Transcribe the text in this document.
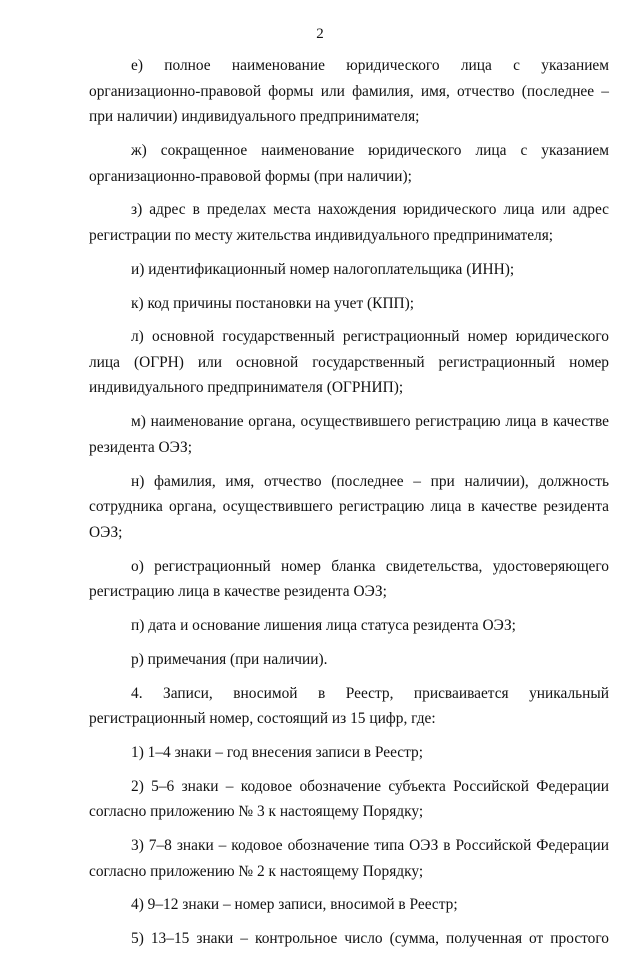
2

е) полное наименование юридического лица с указанием организационно-правовой формы или фамилия, имя, отчество (последнее – при наличии) индивидуального предпринимателя;

ж) сокращенное наименование юридического лица с указанием организационно-правовой формы (при наличии);

з) адрес в пределах места нахождения юридического лица или адрес регистрации по месту жительства индивидуального предпринимателя;

и) идентификационный номер налогоплательщика (ИНН);

к) код причины постановки на учет (КПП);

л) основной государственный регистрационный номер юридического лица (ОГРН) или основной государственный регистрационный номер индивидуального предпринимателя (ОГРНИП);

м) наименование органа, осуществившего регистрацию лица в качестве резидента ОЭЗ;

н) фамилия, имя, отчество (последнее – при наличии), должность сотрудника органа, осуществившего регистрацию лица в качестве резидента ОЭЗ;

о) регистрационный номер бланка свидетельства, удостоверяющего регистрацию лица в качестве резидента ОЭЗ;

п) дата и основание лишения лица статуса резидента ОЭЗ;

р) примечания (при наличии).

4. Записи, вносимой в Реестр, присваивается уникальный регистрационный номер, состоящий из 15 цифр, где:

1) 1–4 знаки – год внесения записи в Реестр;

2) 5–6 знаки – кодовое обозначение субъекта Российской Федерации согласно приложению № 3 к настоящему Порядку;

3) 7–8 знаки – кодовое обозначение типа ОЭЗ в Российской Федерации согласно приложению № 2 к настоящему Порядку;

4) 9–12 знаки – номер записи, вносимой в Реестр;

5) 13–15 знаки – контрольное число (сумма, полученная от простого
